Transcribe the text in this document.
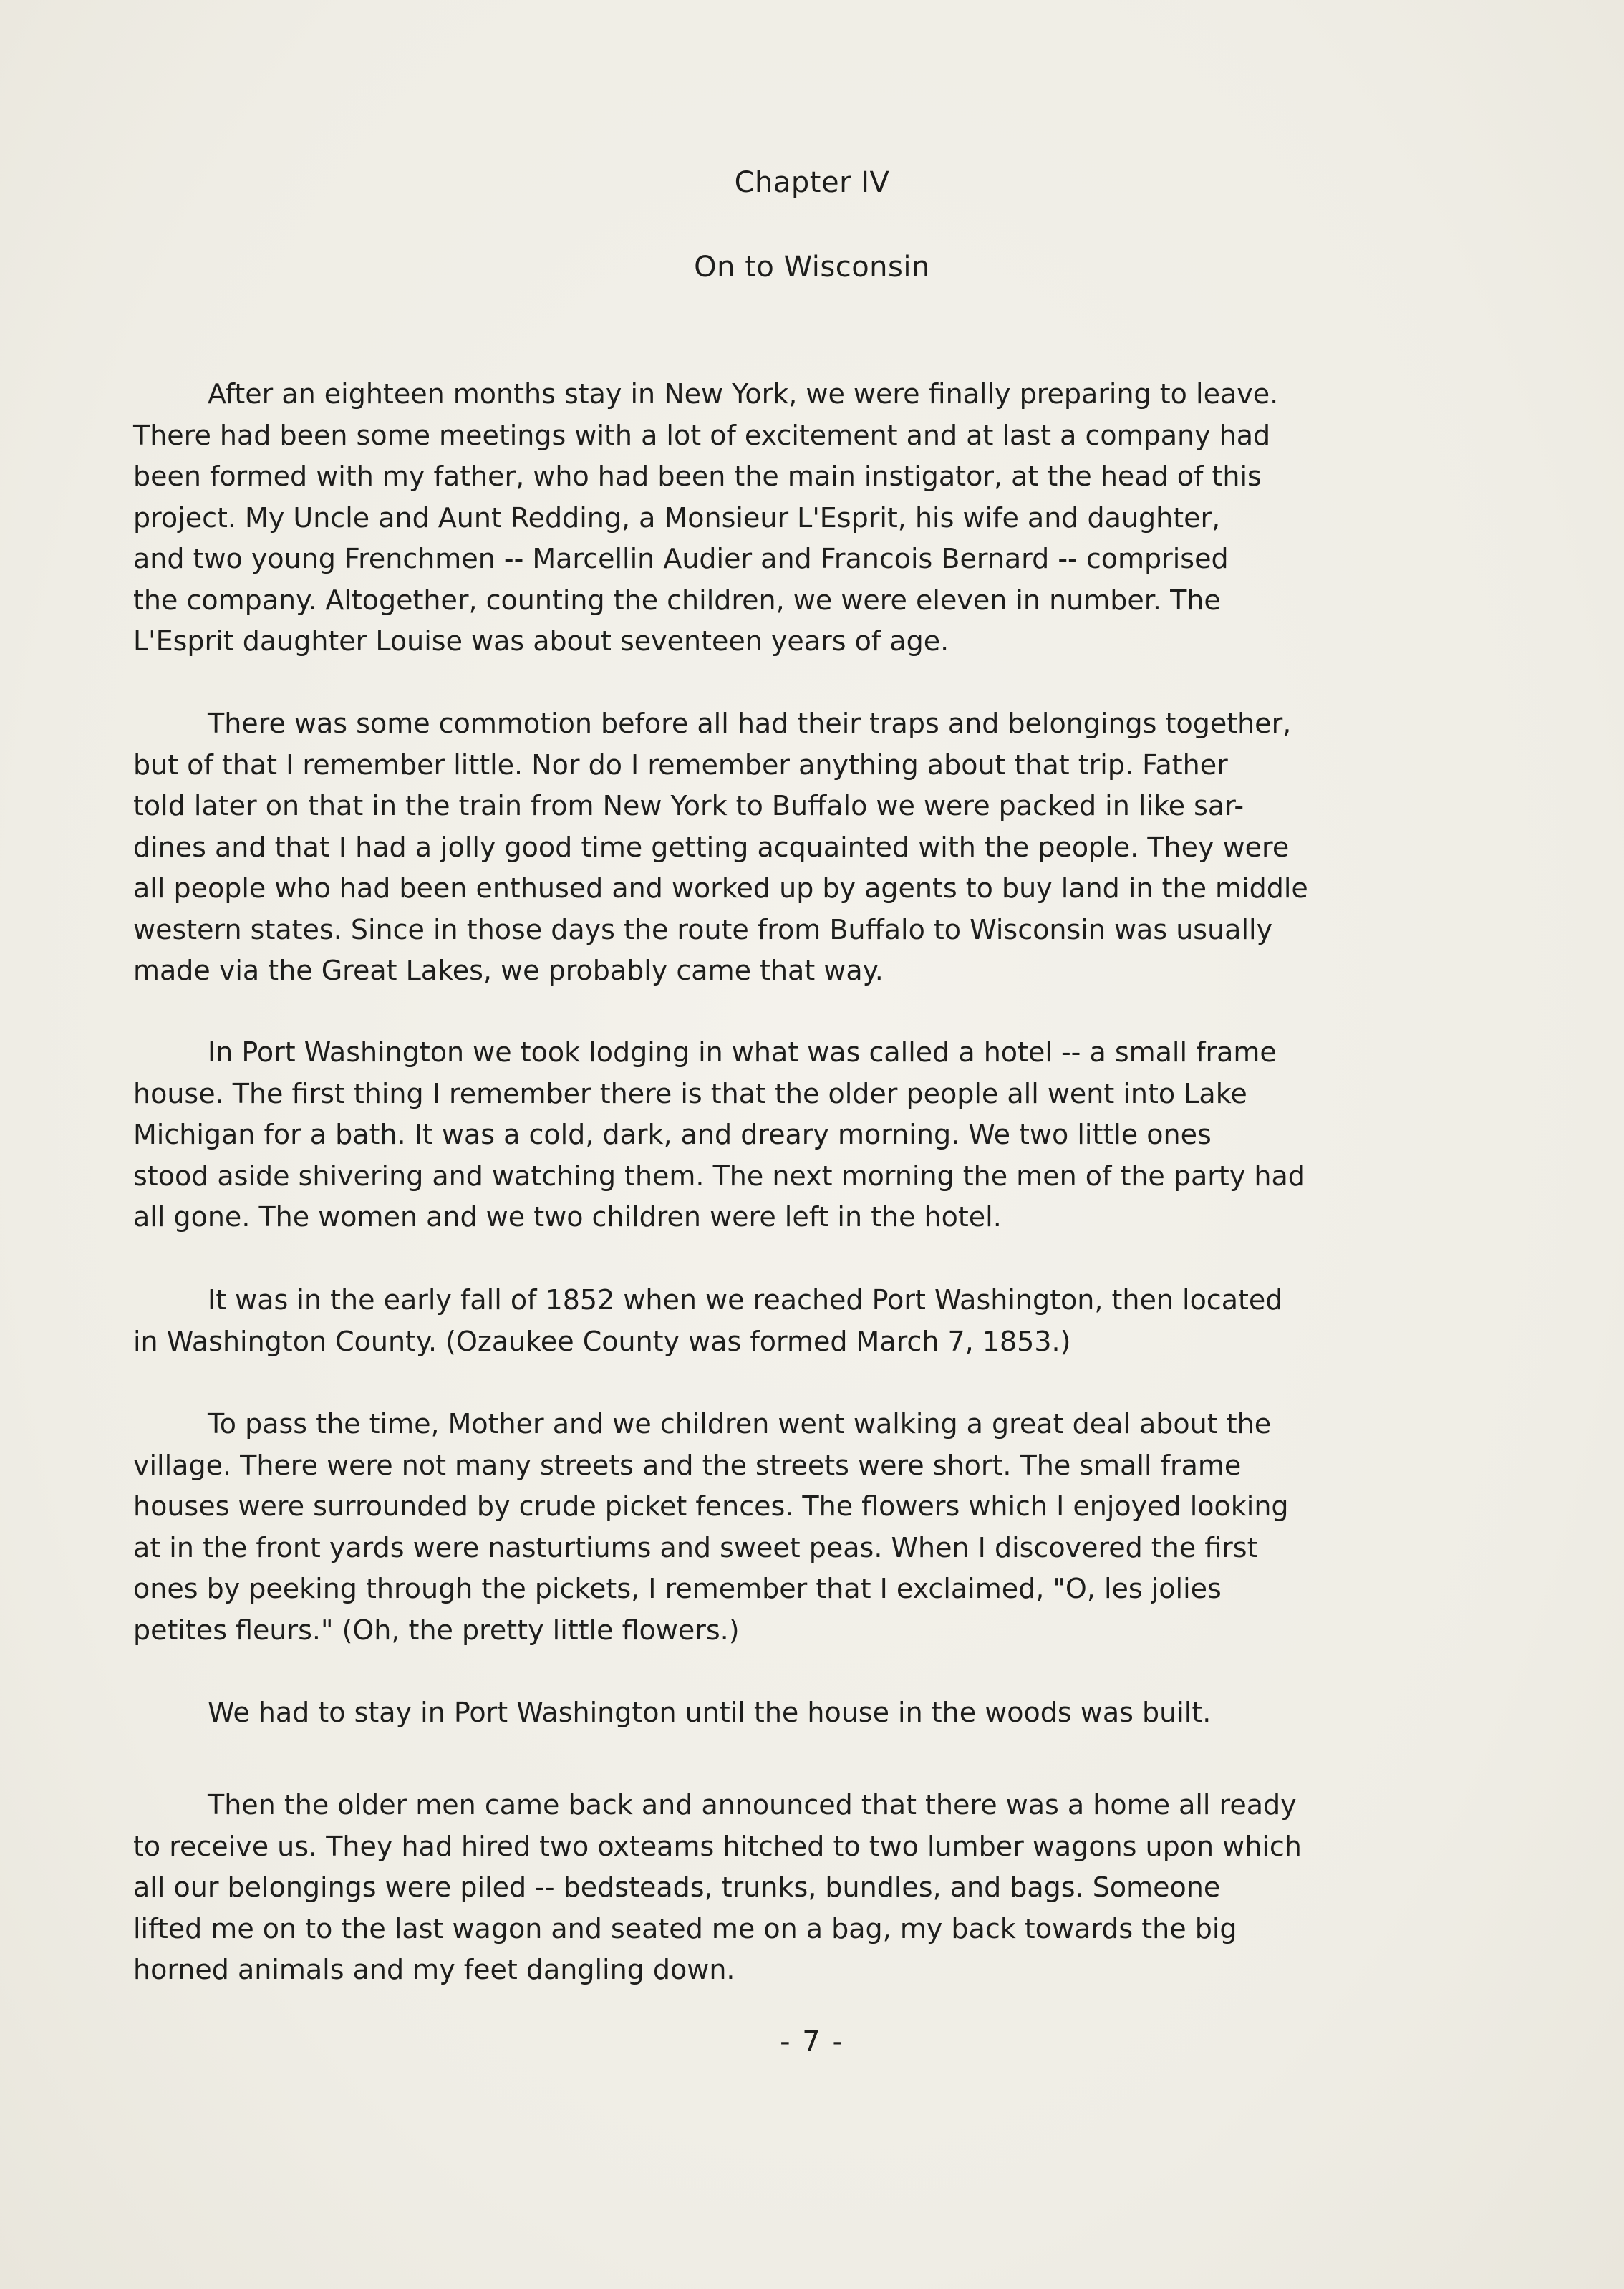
Chapter IV
On to Wisconsin

After an eighteen months stay in New York, we were finally preparing to leave.
There had been some meetings with a lot of excitement and at last a company had
been formed with my father, who had been the main instigator, at the head of this
project. My Uncle and Aunt Redding, a Monsieur L'Esprit, his wife and daughter,
and two young Frenchmen -- Marcellin Audier and Francois Bernard -- comprised
the company. Altogether, counting the children, we were eleven in number. The
L'Esprit daughter Louise was about seventeen years of age.

There was some commotion before all had their traps and belongings together,
but of that I remember little. Nor do I remember anything about that trip. Father
told later on that in the train from New York to Buffalo we were packed in like sar-
dines and that I had a jolly good time getting acquainted with the people. They were
all people who had been enthused and worked up by agents to buy land in the middle
western states. Since in those days the route from Buffalo to Wisconsin was usually
made via the Great Lakes, we probably came that way.

In Port Washington we took lodging in what was called a hotel -- a small frame
house. The first thing I remember there is that the older people all went into Lake
Michigan for a bath. It was a cold, dark, and dreary morning. We two little ones
stood aside shivering and watching them. The next morning the men of the party had
all gone. The women and we two children were left in the hotel.

It was in the early fall of 1852 when we reached Port Washington, then located
in Washington County. (Ozaukee County was formed March 7, 1853.)

To pass the time, Mother and we children went walking a great deal about the
village. There were not many streets and the streets were short. The small frame
houses were surrounded by crude picket fences. The flowers which I enjoyed looking
at in the front yards were nasturtiums and sweet peas. When I discovered the first
ones by peeking through the pickets, I remember that I exclaimed, "O, les jolies
petites fleurs." (Oh, the pretty little flowers.)

We had to stay in Port Washington until the house in the woods was built.

Then the older men came back and announced that there was a home all ready
to receive us. They had hired two oxteams hitched to two lumber wagons upon which
all our belongings were piled -- bedsteads, trunks, bundles, and bags. Someone
lifted me on to the last wagon and seated me on a bag, my back towards the big
horned animals and my feet dangling down.

- 7 -
